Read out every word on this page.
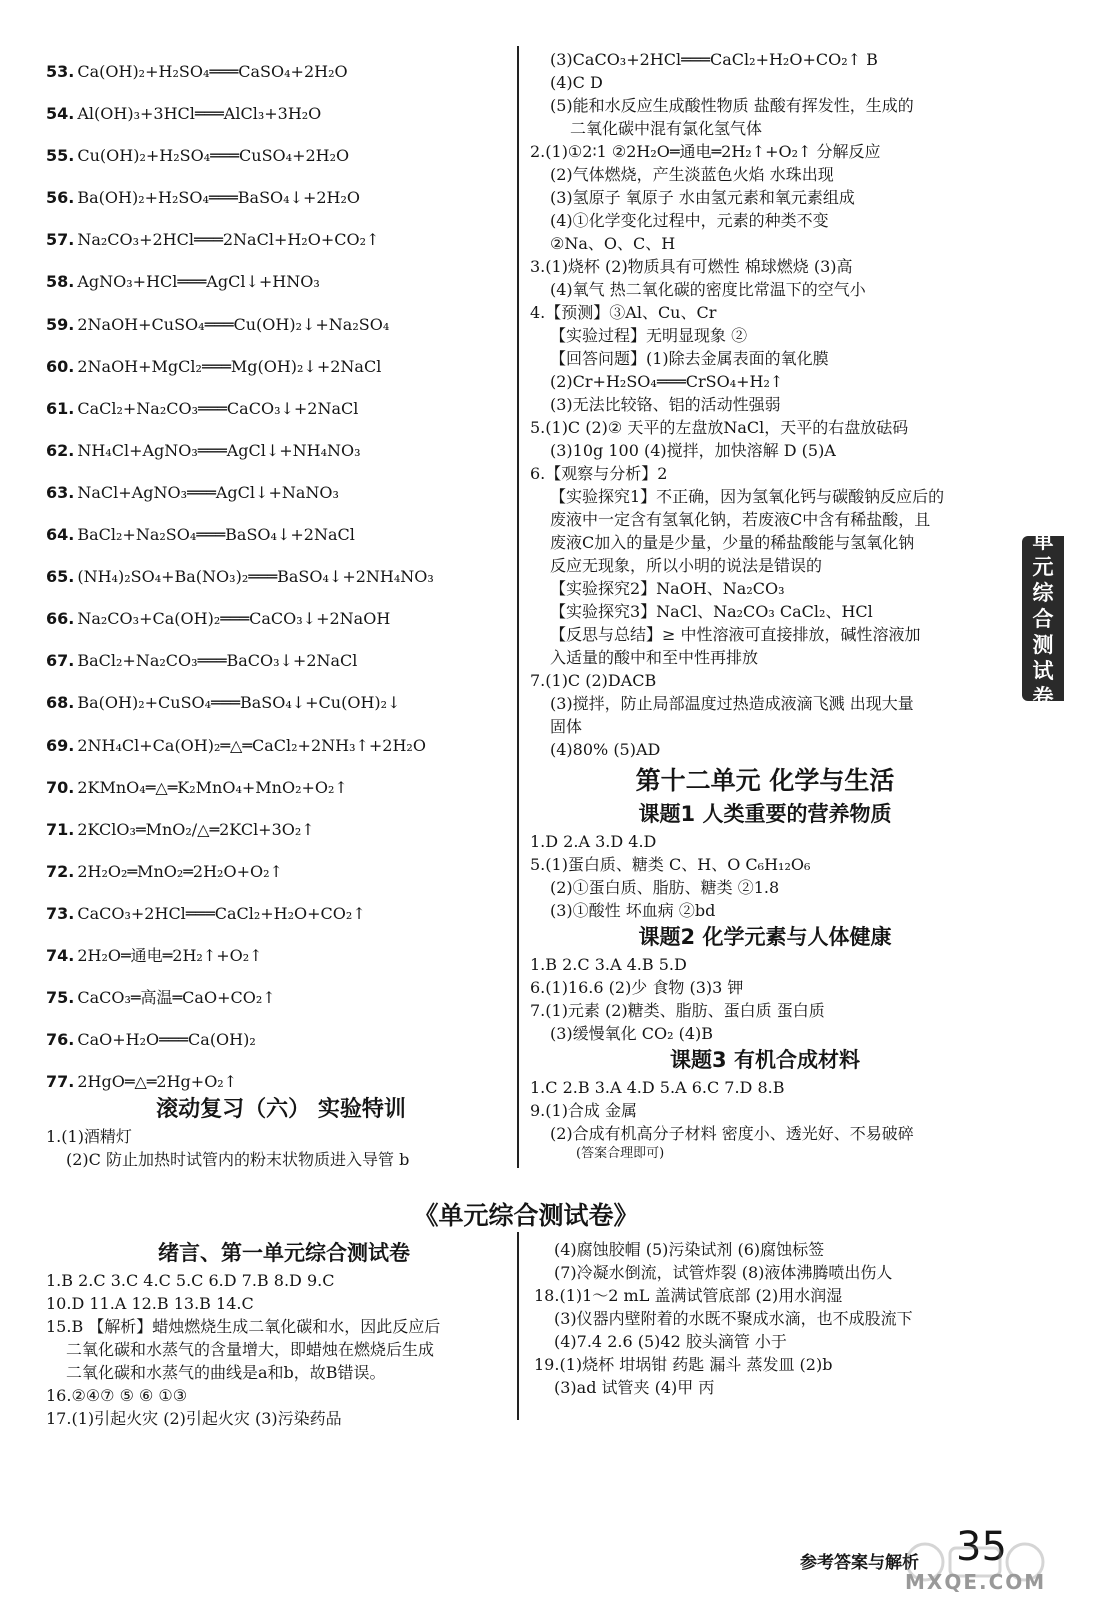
53. Ca(OH)₂+H₂SO₄═══CaSO₄+2H₂O
54. Al(OH)₃+3HCl═══AlCl₃+3H₂O
55. Cu(OH)₂+H₂SO₄═══CuSO₄+2H₂O
56. Ba(OH)₂+H₂SO₄═══BaSO₄↓+2H₂O
57. Na₂CO₃+2HCl═══2NaCl+H₂O+CO₂↑
58. AgNO₃+HCl═══AgCl↓+HNO₃
59. 2NaOH+CuSO₄═══Cu(OH)₂↓+Na₂SO₄
60. 2NaOH+MgCl₂═══Mg(OH)₂↓+2NaCl
61. CaCl₂+Na₂CO₃═══CaCO₃↓+2NaCl
62. NH₄Cl+AgNO₃═══AgCl↓+NH₄NO₃
63. NaCl+AgNO₃═══AgCl↓+NaNO₃
64. BaCl₂+Na₂SO₄═══BaSO₄↓+2NaCl
65. (NH₄)₂SO₄+Ba(NO₃)₂═══BaSO₄↓+2NH₄NO₃
66. Na₂CO₃+Ca(OH)₂═══CaCO₃↓+2NaOH
67. BaCl₂+Na₂CO₃═══BaCO₃↓+2NaCl
68. Ba(OH)₂+CuSO₄═══BaSO₄↓+Cu(OH)₂↓
69. 2NH₄Cl+Ca(OH)₂═△═CaCl₂+2NH₃↑+2H₂O
70. 2KMnO₄═△═K₂MnO₄+MnO₂+O₂↑
71. 2KClO₃═MnO₂/△═2KCl+3O₂↑
72. 2H₂O₂═MnO₂═2H₂O+O₂↑
73. CaCO₃+2HCl═══CaCl₂+H₂O+CO₂↑
74. 2H₂O═通电═2H₂↑+O₂↑
75. CaCO₃═高温═CaO+CO₂↑
76. CaO+H₂O═══Ca(OH)₂
77. 2HgO═△═2Hg+O₂↑
滚动复习（六） 实验特训
1.(1)酒精灯
(2)C 防止加热时试管内的粉末状物质进入导管 b
(3)CaCO₃+2HCl═══CaCl₂+H₂O+CO₂↑ B
(4)C D
(5)能和水反应生成酸性物质 盐酸有挥发性，生成的
二氧化碳中混有氯化氢气体
2.(1)①2∶1 ②2H₂O═通电═2H₂↑+O₂↑ 分解反应
(2)气体燃烧，产生淡蓝色火焰 水珠出现
(3)氢原子 氧原子 水由氢元素和氧元素组成
(4)①化学变化过程中，元素的种类不变
②Na、O、C、H
3.(1)烧杯 (2)物质具有可燃性 棉球燃烧 (3)高
(4)氧气 热二氧化碳的密度比常温下的空气小
4.【预测】③Al、Cu、Cr
【实验过程】无明显现象 ②
【回答问题】(1)除去金属表面的氧化膜
(2)Cr+H₂SO₄═══CrSO₄+H₂↑
(3)无法比较铬、铝的活动性强弱
5.(1)C (2)② 天平的左盘放NaCl，天平的右盘放砝码
(3)10g 100 (4)搅拌，加快溶解 D (5)A
6.【观察与分析】2
【实验探究1】不正确，因为氢氧化钙与碳酸钠反应后的
废液中一定含有氢氧化钠，若废液C中含有稀盐酸，且
废液C加入的量是少量，少量的稀盐酸能与氢氧化钠
反应无现象，所以小明的说法是错误的
【实验探究2】NaOH、Na₂CO₃
【实验探究3】NaCl、Na₂CO₃ CaCl₂、HCl
【反思与总结】≥ 中性溶液可直接排放，碱性溶液加
入适量的酸中和至中性再排放
7.(1)C (2)DACB
(3)搅拌，防止局部温度过热造成液滴飞溅 出现大量
固体
(4)80% (5)AD
第十二单元 化学与生活
课题1 人类重要的营养物质
1.D 2.A 3.D 4.D
5.(1)蛋白质、糖类 C、H、O C₆H₁₂O₆
(2)①蛋白质、脂肪、糖类 ②1.8
(3)①酸性 坏血病 ②bd
课题2 化学元素与人体健康
1.B 2.C 3.A 4.B 5.D
6.(1)16.6 (2)少 食物 (3)3 钾
7.(1)元素 (2)糖类、脂肪、蛋白质 蛋白质
(3)缓慢氧化 CO₂ (4)B
课题3 有机合成材料
1.C 2.B 3.A 4.D 5.A 6.C 7.D 8.B
9.(1)合成 金属
(2)合成有机高分子材料 密度小、透光好、不易破碎
(答案合理即可)
《单元综合测试卷》
绪言、第一单元综合测试卷
1.B 2.C 3.C 4.C 5.C 6.D 7.B 8.D 9.C
10.D 11.A 12.B 13.B 14.C
15.B 【解析】蜡烛燃烧生成二氧化碳和水，因此反应后
二氧化碳和水蒸气的含量增大，即蜡烛在燃烧后生成
二氧化碳和水蒸气的曲线是a和b，故B错误。
16.②④⑦ ⑤ ⑥ ①③
17.(1)引起火灾 (2)引起火灾 (3)污染药品
(4)腐蚀胶帽 (5)污染试剂 (6)腐蚀标签
(7)冷凝水倒流，试管炸裂 (8)液体沸腾喷出伤人
18.(1)1～2 mL 盖满试管底部 (2)用水润湿
(3)仪器内壁附着的水既不聚成水滴，也不成股流下
(4)7.4 2.6 (5)42 胶头滴管 小于
19.(1)烧杯 坩埚钳 药匙 漏斗 蒸发皿 (2)b
(3)ad 试管夹 (4)甲 丙
单
元
综
合
测
试
卷
参考答案与解析 35
MXQE.COM
